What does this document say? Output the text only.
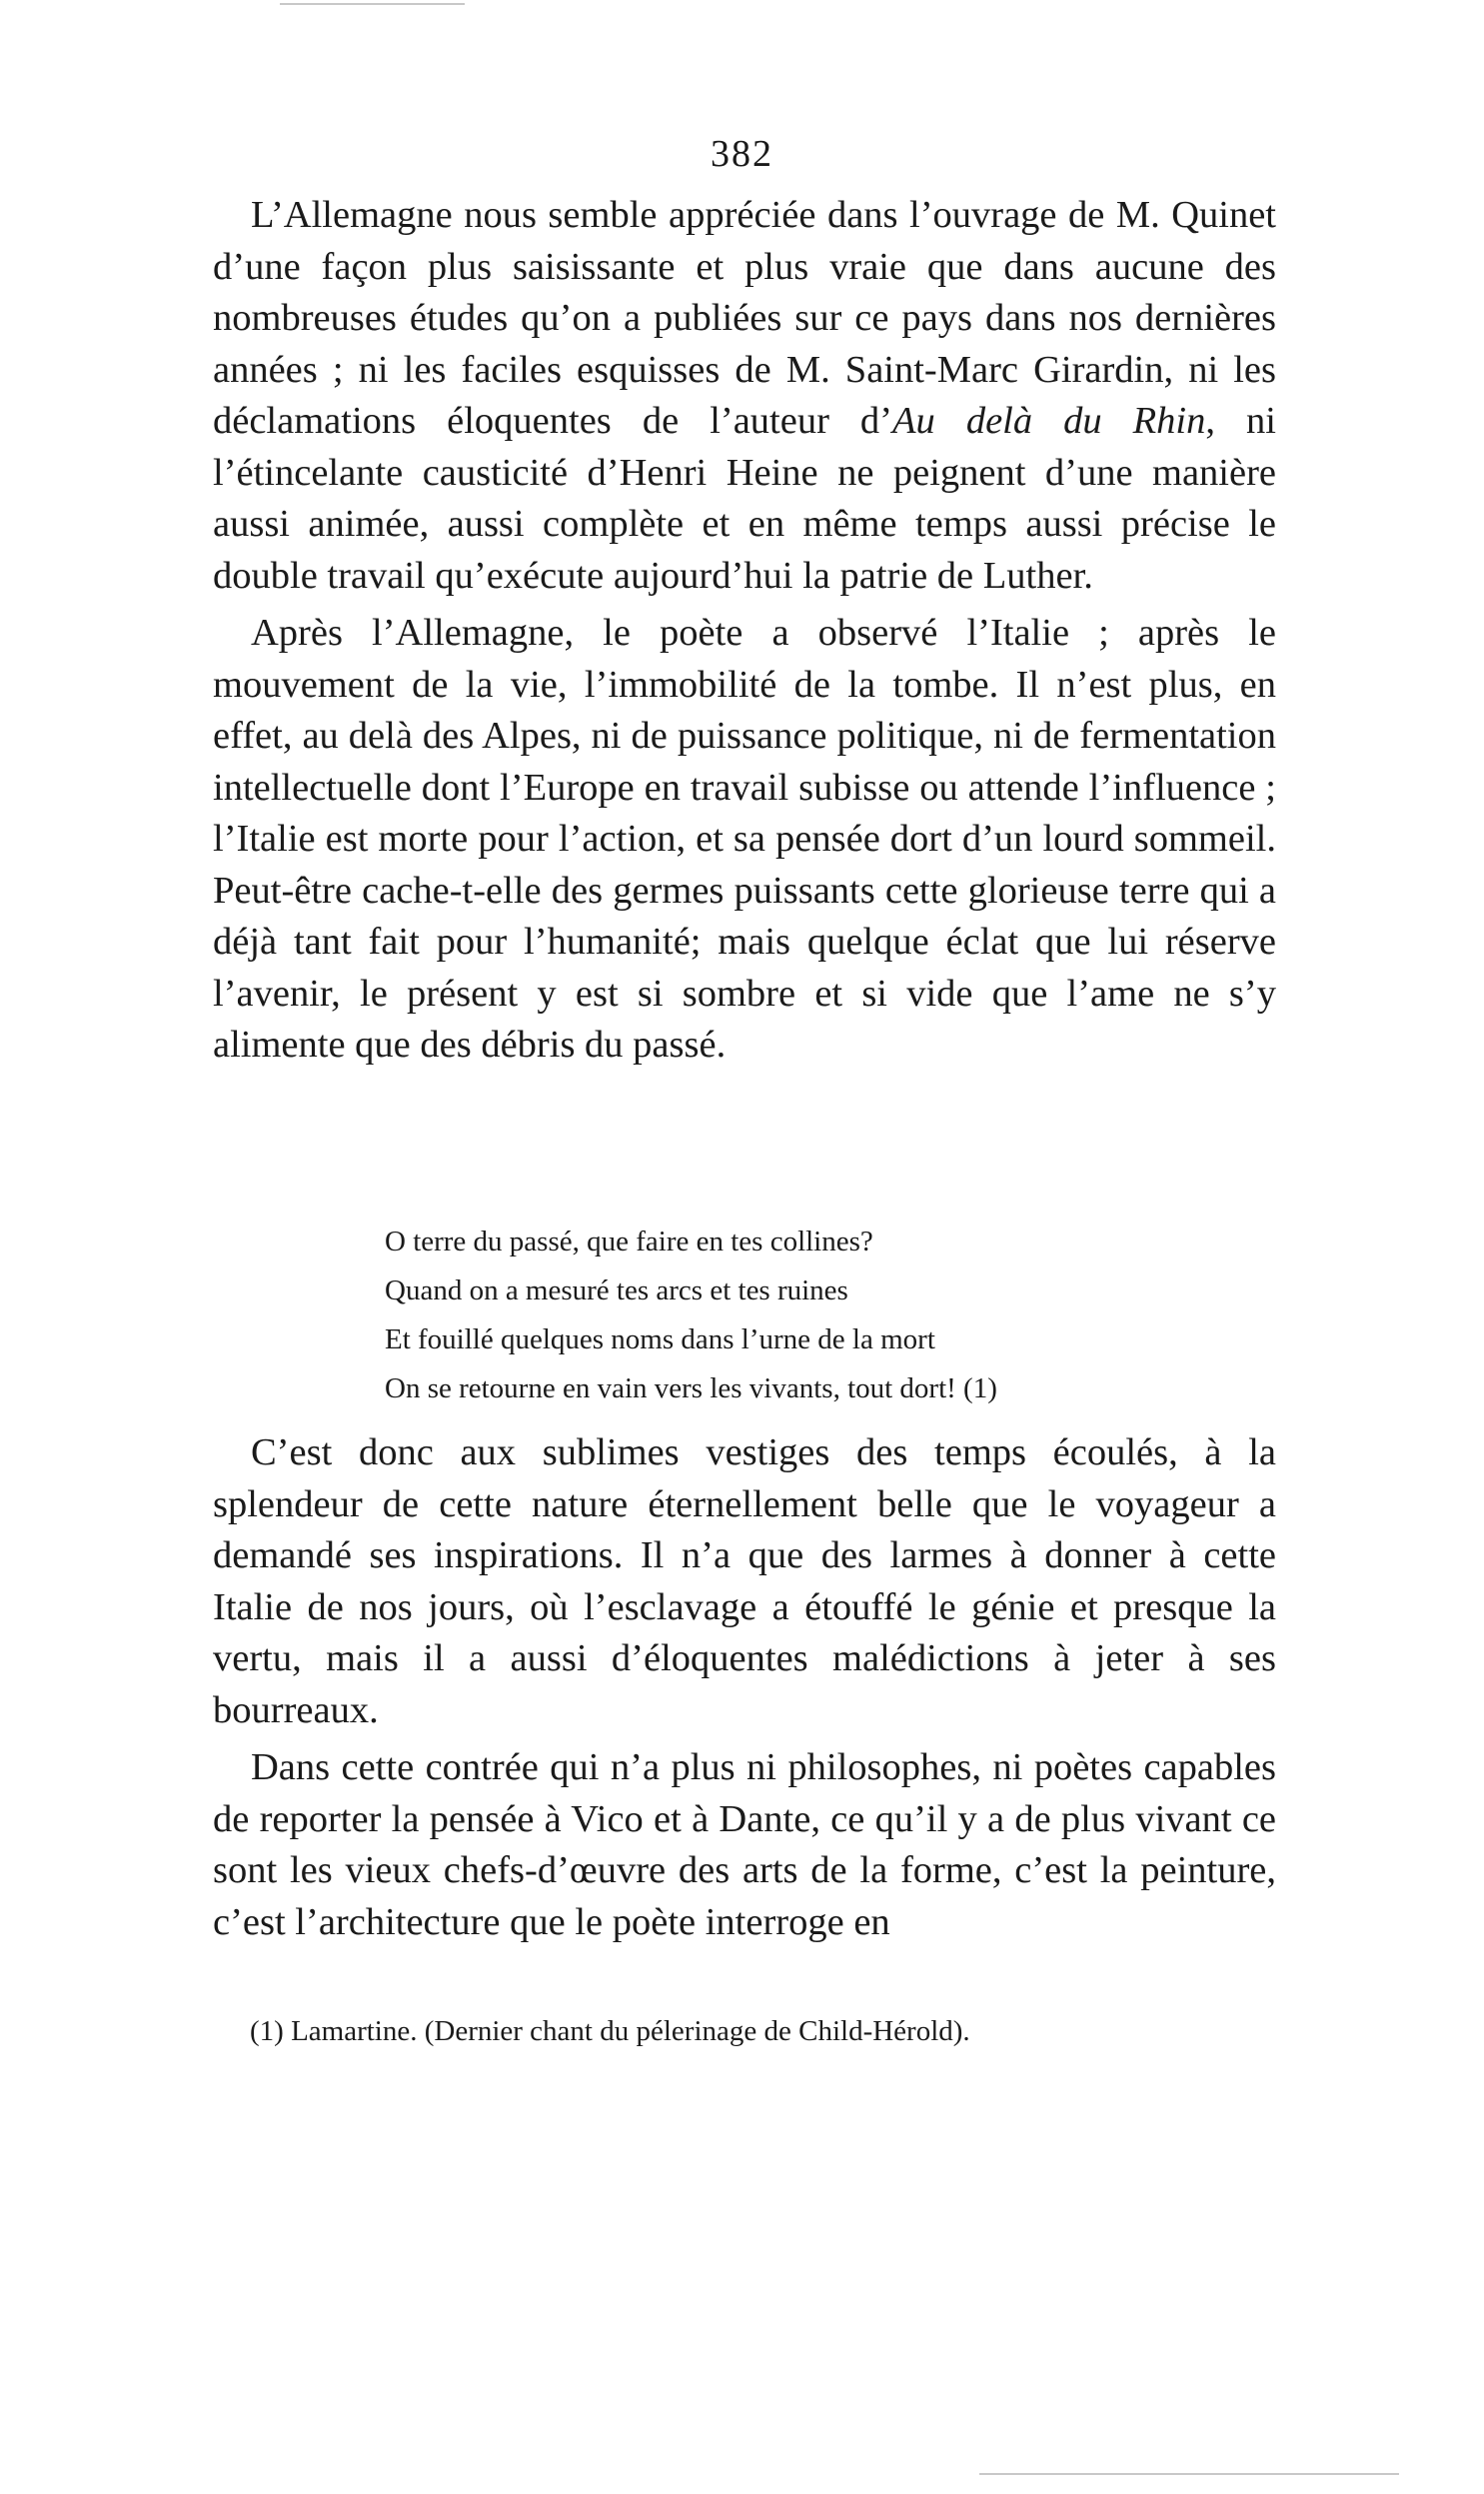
382

L’Allemagne nous semble appréciée dans l’ouvrage de M. Quinet d’une façon plus saisissante et plus vraie que dans aucune des nombreuses études qu’on a publiées sur ce pays dans nos dernières années ; ni les faciles esquisses de M. Saint-Marc Girardin, ni les déclamations éloquentes de l’auteur d’Au delà du Rhin, ni l’étincelante causticité d’Henri Heine ne peignent d’une manière aussi animée, aussi complète et en même temps aussi précise le double travail qu’exécute aujourd’hui la patrie de Luther.

Après l’Allemagne, le poète a observé l’Italie ; après le mouvement de la vie, l’immobilité de la tombe. Il n’est plus, en effet, au delà des Alpes, ni de puissance politique, ni de fermentation intellectuelle dont l’Europe en travail subisse ou attende l’influence ; l’Italie est morte pour l’action, et sa pensée dort d’un lourd sommeil. Peut-être cache-t-elle des germes puissants cette glorieuse terre qui a déjà tant fait pour l’humanité; mais quelque éclat que lui réserve l’avenir, le présent y est si sombre et si vide que l’ame ne s’y alimente que des débris du passé.

O terre du passé, que faire en tes collines?
Quand on a mesuré tes arcs et tes ruines
Et fouillé quelques noms dans l’urne de la mort
On se retourne en vain vers les vivants, tout dort! (1)

C’est donc aux sublimes vestiges des temps écoulés, à la splendeur de cette nature éternellement belle que le voyageur a demandé ses inspirations. Il n’a que des larmes à donner à cette Italie de nos jours, où l’esclavage a étouffé le génie et presque la vertu, mais il a aussi d’éloquentes malédictions à jeter à ses bourreaux.

Dans cette contrée qui n’a plus ni philosophes, ni poètes capables de reporter la pensée à Vico et à Dante, ce qu’il y a de plus vivant ce sont les vieux chefs-d’œuvre des arts de la forme, c’est la peinture, c’est l’architecture que le poète interroge en

(1) Lamartine. (Dernier chant du pélerinage de Child-Hérold).
